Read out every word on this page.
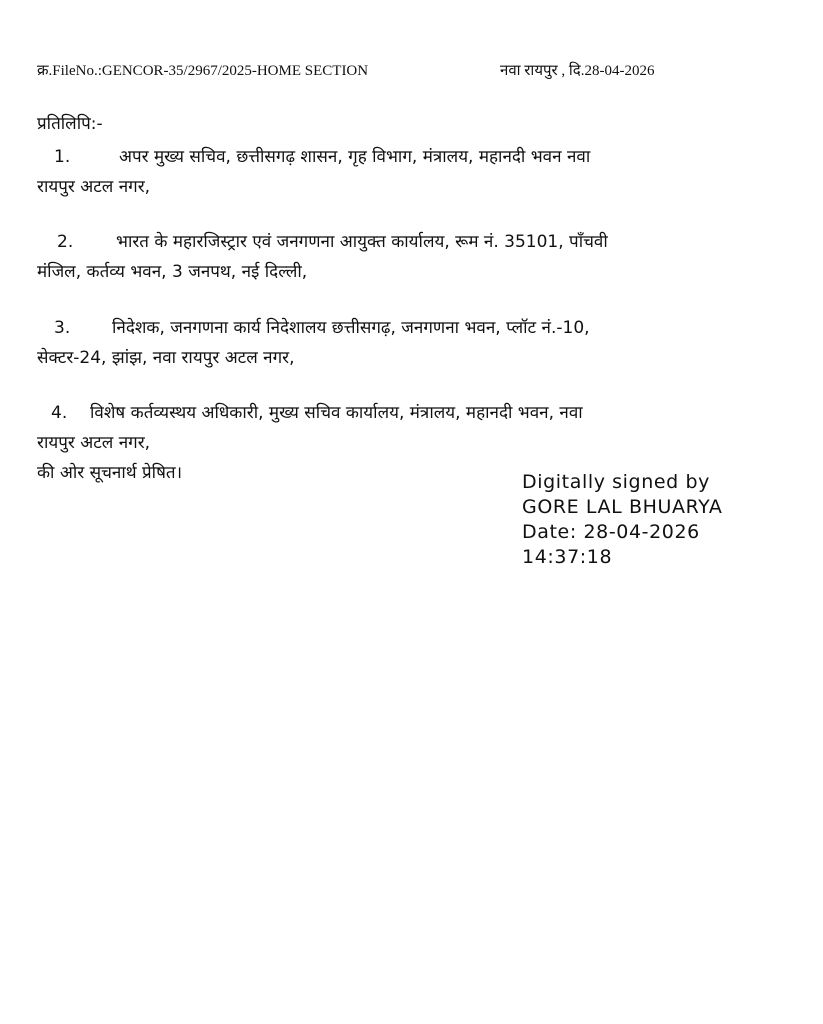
क्र.FileNo.:GENCOR-35/2967/2025-HOME SECTION	नवा रायपुर , दि.28-04-2026
प्रतिलिपि:-
1.	अपर मुख्य सचिव, छत्तीसगढ़ शासन, गृह विभाग, मंत्रालय, महानदी भवन नवा
रायपुर अटल नगर,
2.	भारत के महारजिस्ट्रार एवं जनगणना आयुक्त कार्यालय, रूम नं. 35101, पाँचवी
मंजिल, कर्तव्य भवन, 3 जनपथ, नई दिल्ली,
3. निदेशक, जनगणना कार्य निदेशालय छत्तीसगढ़, जनगणना भवन, प्लॉट नं.-10,
सेक्टर-24, झांझ, नवा रायपुर अटल नगर,
4. विशेष कर्तव्यस्थय अधिकारी, मुख्य सचिव कार्यालय, मंत्रालय, महानदी भवन, नवा
रायपुर अटल नगर,
की ओर सूचनार्थ प्रेषित।	Digitally signed by
GORE LAL BHUARYA
Date: 28-04-2026
14:37:18
